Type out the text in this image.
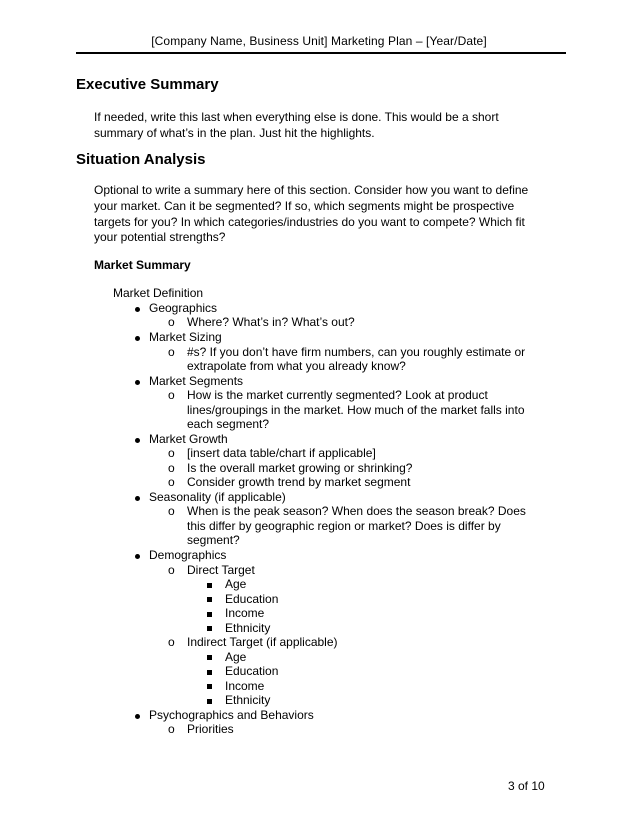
[Company Name, Business Unit] Marketing Plan – [Year/Date]
Executive Summary

If needed, write this last when everything else is done. This would be a short

summary of what’s in the plan. Just hit the highlights.

Situation Analysis

Optional to write a summary here of this section. Consider how you want to define

your market. Can it be segmented? If so, which segments might be prospective

targets for you? In which categories/industries do you want to compete? Which fit

your potential strengths?

Market Summary

Market Definition

Geographics

o Where? What’s in? What’s out?

Market Sizing

o #s? If you don’t have firm numbers, can you roughly estimate or

extrapolate from what you already know?

Market Segments

o How is the market currently segmented? Look at product

lines/groupings in the market. How much of the market falls into

each segment?

Market Growth

o [insert data table/chart if applicable]

o Is the overall market growing or shrinking?

o Consider growth trend by market segment

Seasonality (if applicable)

o When is the peak season? When does the season break? Does

this differ by geographic region or market? Does is differ by

segment?

Demographics

o Direct Target

Age

Education

Income

Ethnicity

o Indirect Target (if applicable)

Age

Education

Income

Ethnicity

Psychographics and Behaviors

o Priorities

3 of 10
